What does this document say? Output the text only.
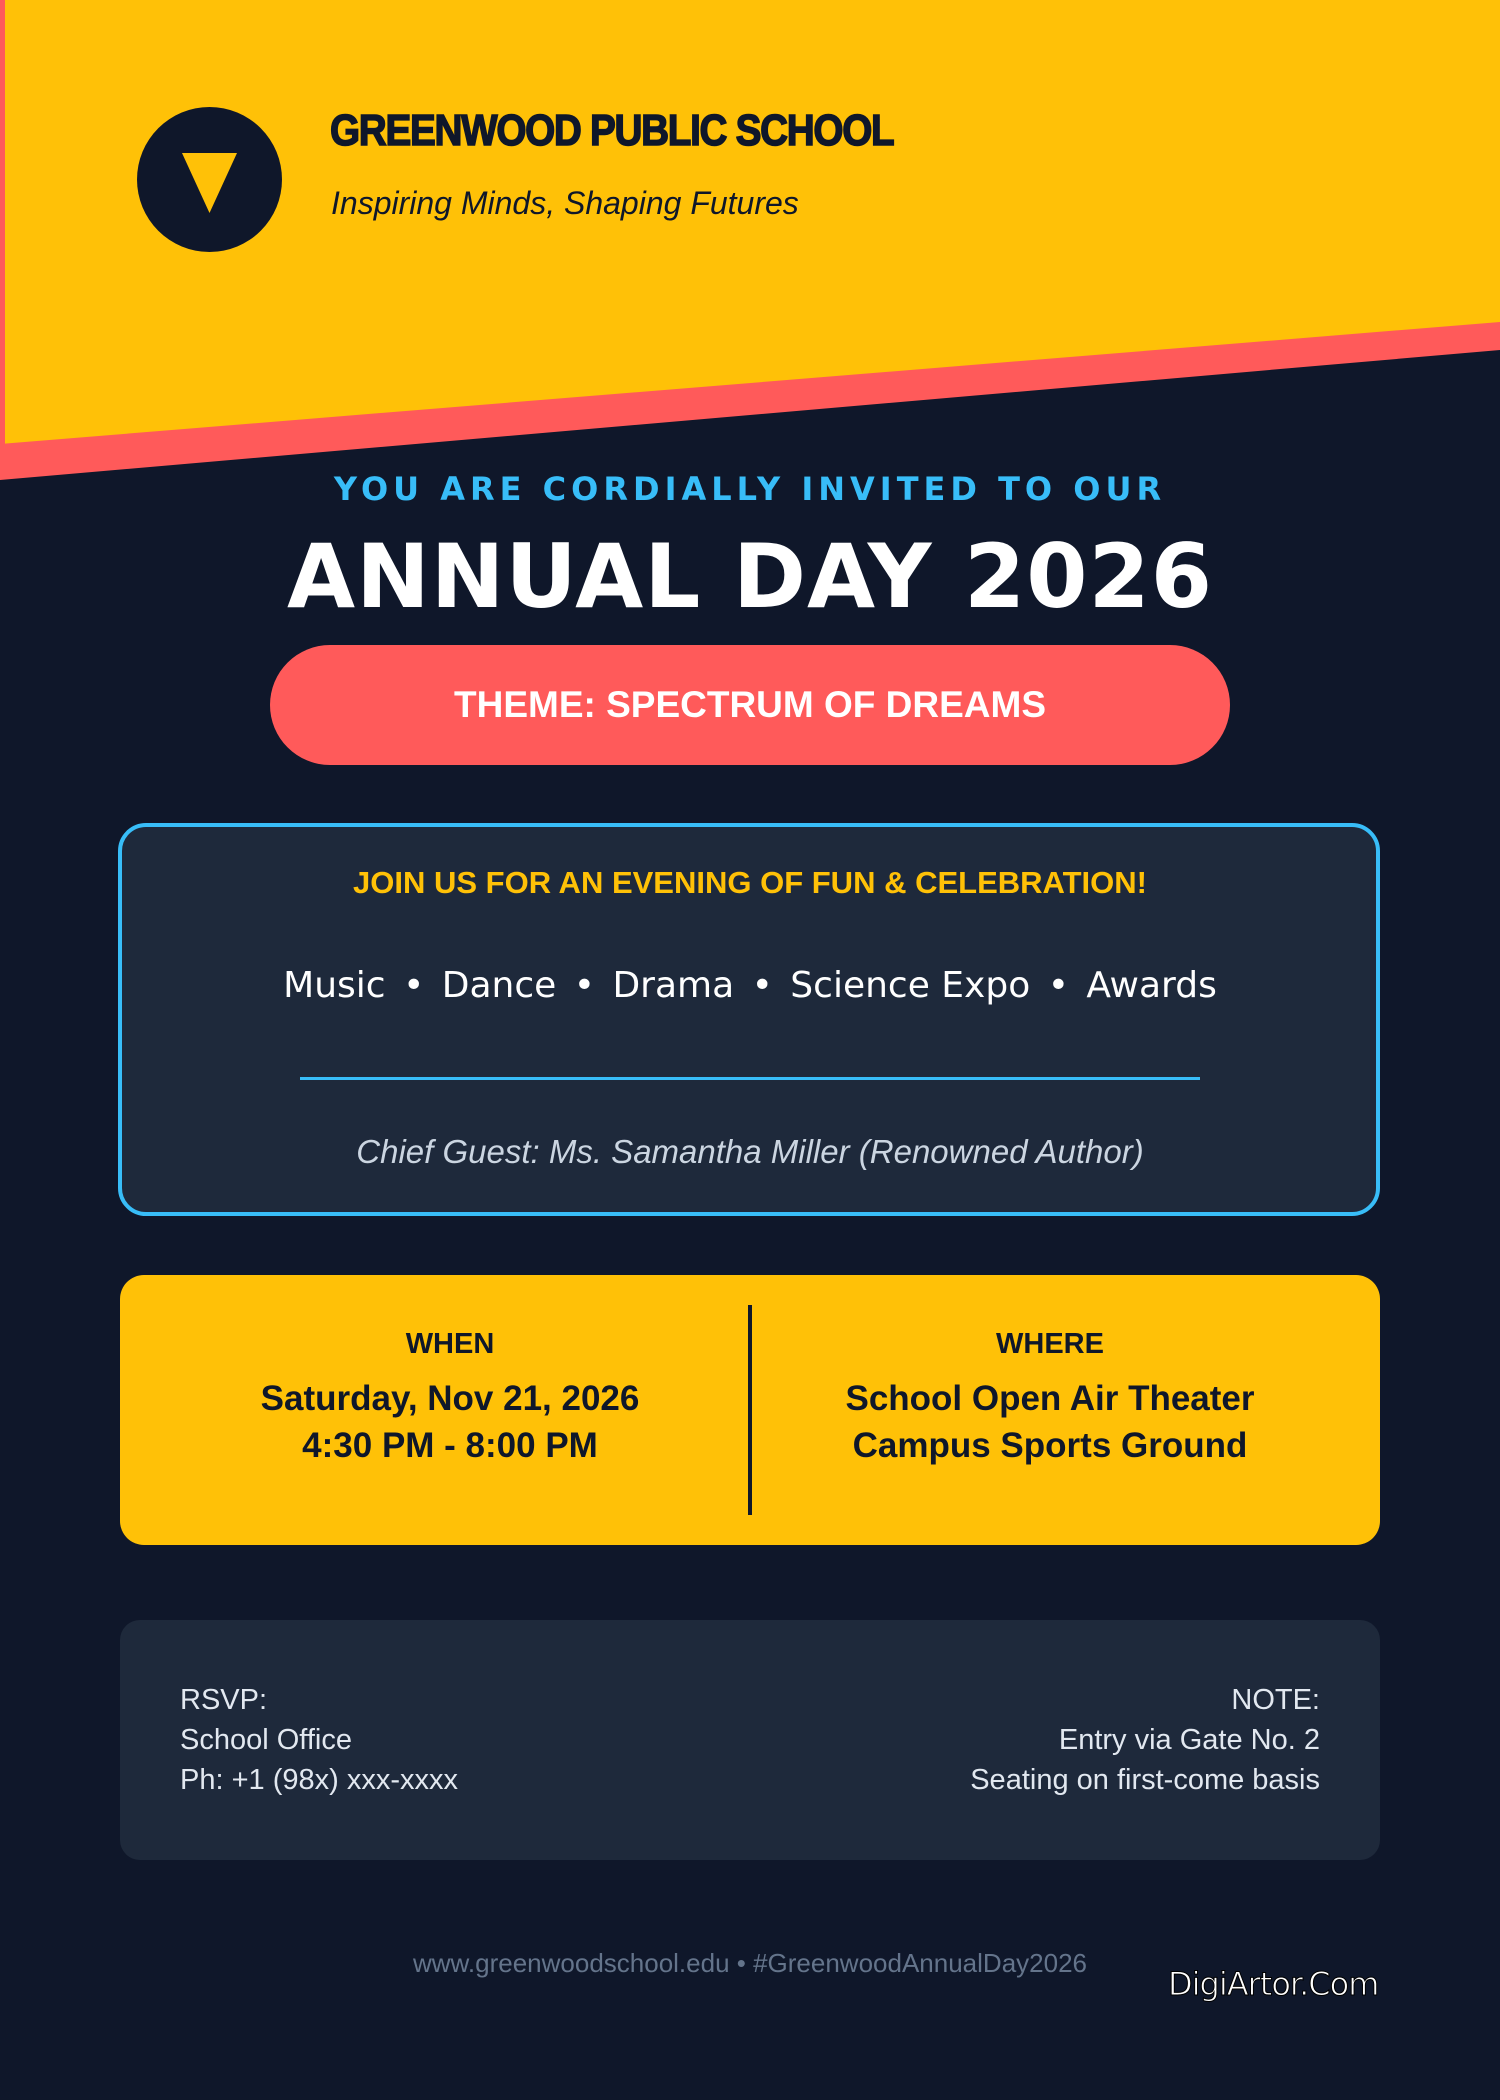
GREENWOOD PUBLIC SCHOOL
Inspiring Minds, Shaping Futures
YOU ARE CORDIALLY INVITED TO OUR
ANNUAL DAY 2026
THEME: SPECTRUM OF DREAMS
JOIN US FOR AN EVENING OF FUN & CELEBRATION!
Music • Dance • Drama • Science Expo • Awards
Chief Guest: Ms. Samantha Miller (Renowned Author)
WHEN
Saturday, Nov 21, 2026
4:30 PM - 8:00 PM
WHERE
School Open Air Theater
Campus Sports Ground
RSVP:
School Office
Ph: +1 (98x) xxx-xxxx
NOTE:
Entry via Gate No. 2
Seating on first-come basis
www.greenwoodschool.edu • #GreenwoodAnnualDay2026
DigiArtor.Com
